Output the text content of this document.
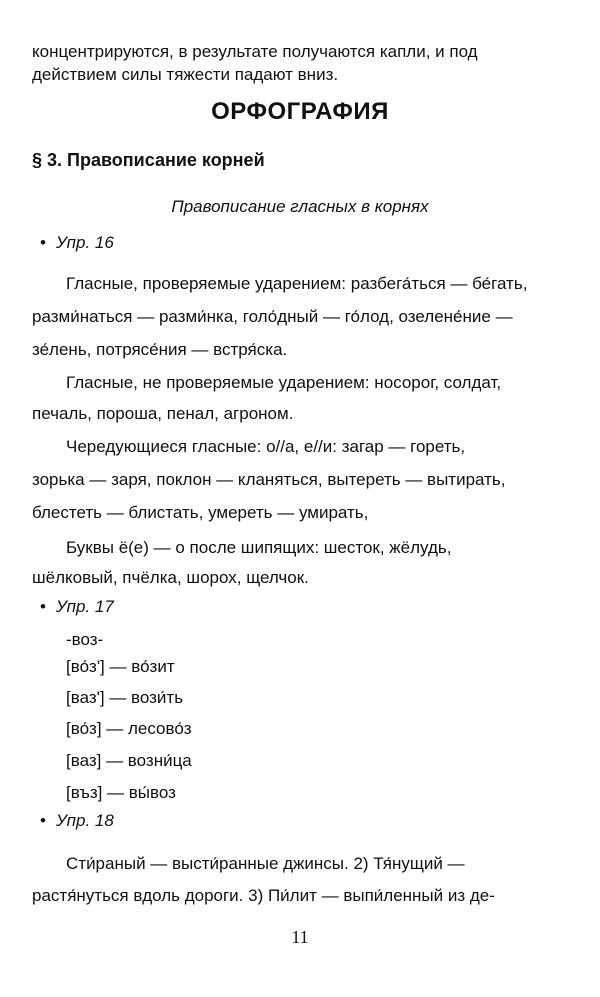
концентрируются, в результате получаются капли, и под
действием силы тяжести падают вниз.
ОРФОГРАФИЯ
§ 3. Правописание корней
Правописание гласных в корнях
• Упр. 16
Гласные, проверяемые ударением: разбега́ться — бе́гать,
разми́наться — разми́нка, голо́дный — го́лод, озелене́ние —
зе́лень, потрясе́ния — встря́ска.
Гласные, не проверяемые ударением: носорог, солдат,
печаль, пороша, пенал, агроном.
Чередующиеся гласные: о//а, е//и: загар — гореть,
зорька — заря, поклон — кланяться, вытереть — вытирать,
блестеть — блистать, умереть — умирать,
Буквы ё(е) — о после шипящих: шесток, жёлудь,
шёлковый, пчёлка, шорох, щелчок.
• Упр. 17
-воз-
[во́з'] — во́зит
[ваз'] — вози́ть
[во́з] — лесово́з
[ваз] — возни́ца
[въз] — вы́воз
• Упр. 18
Сти́раный — высти́ранные джинсы. 2) Тя́нущий —
растя́нуться вдоль дороги. 3) Пи́лит — выпи́ленный из де-
11
